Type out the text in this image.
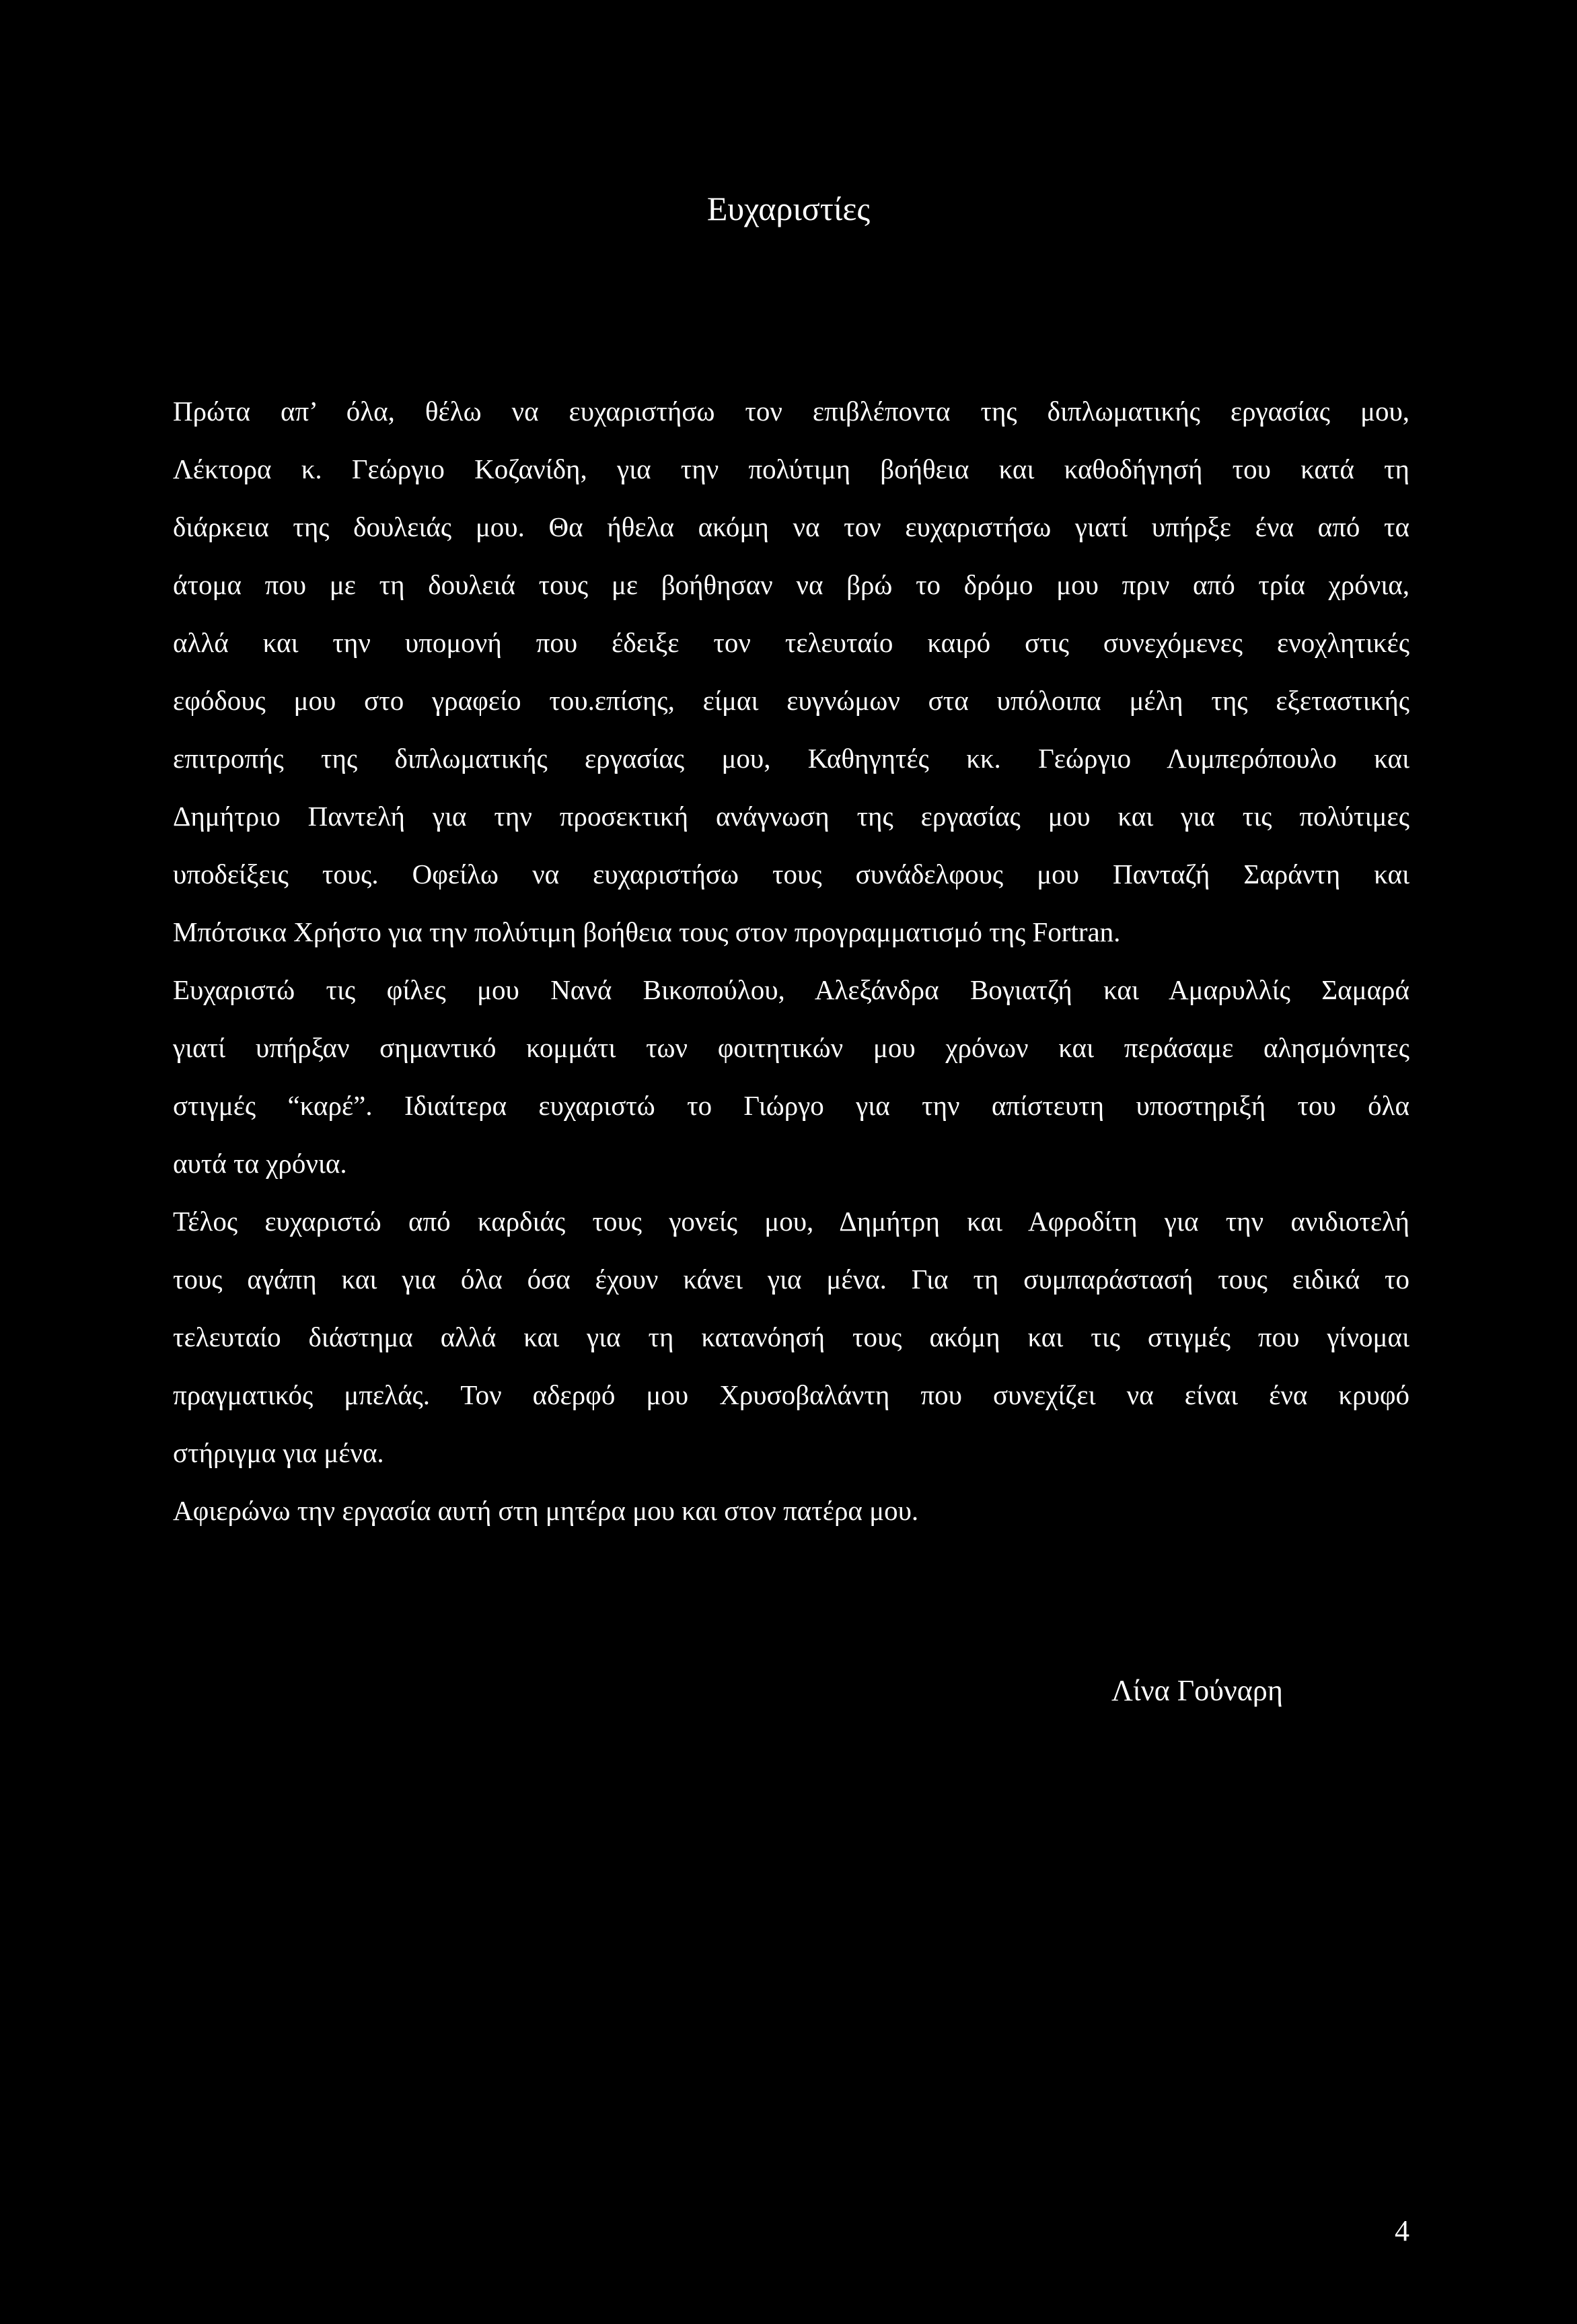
Ευχαριστίες
Πρώτα απ’ όλα, θέλω να ευχαριστήσω τον επιβλέποντα της διπλωματικής εργασίας μου,
Λέκτορα κ. Γεώργιο Κοζανίδη, για την πολύτιμη βοήθεια και καθοδήγησή του κατά τη
διάρκεια της δουλειάς μου. Θα ήθελα ακόμη να τον ευχαριστήσω γιατί υπήρξε ένα από τα
άτομα που με τη δουλειά τους με βοήθησαν να βρώ το δρόμο μου πριν από τρία χρόνια,
αλλά και την υπομονή που έδειξε τον τελευταίο καιρό στις συνεχόμενες ενοχλητικές
εφόδους μου στο γραφείο του.επίσης, είμαι ευγνώμων στα υπόλοιπα μέλη της εξεταστικής
επιτροπής της διπλωματικής εργασίας μου, Καθηγητές κκ. Γεώργιο Λυμπερόπουλο και
Δημήτριο Παντελή για την προσεκτική ανάγνωση της εργασίας μου και για τις πολύτιμες
υποδείξεις τους. Οφείλω να ευχαριστήσω τους συνάδελφους μου Πανταζή Σαράντη και
Μπότσικα Χρήστο για την πολύτιμη βοήθεια τους στον προγραμματισμό της Fortran.
Ευχαριστώ τις φίλες μου Νανά Βικοπούλου, Αλεξάνδρα Βογιατζή και Αμαρυλλίς Σαμαρά
γιατί υπήρξαν σημαντικό κομμάτι των φοιτητικών μου χρόνων και περάσαμε αλησμόνητες
στιγμές “καρέ”. Ιδιαίτερα ευχαριστώ το Γιώργο για την απίστευτη υποστηριξή του όλα
αυτά τα χρόνια.
Τέλος ευχαριστώ από καρδιάς τους γονείς μου, Δημήτρη και Αφροδίτη για την ανιδιοτελή
τους αγάπη και για όλα όσα έχουν κάνει για μένα. Για τη συμπαράστασή τους ειδικά το
τελευταίο διάστημα αλλά και για τη κατανόησή τους ακόμη και τις στιγμές που γίνομαι
πραγματικός μπελάς. Τον αδερφό μου Χρυσοβαλάντη που συνεχίζει να είναι ένα κρυφό
στήριγμα για μένα.
Αφιερώνω την εργασία αυτή στη μητέρα μου και στον πατέρα μου.
Λίνα Γούναρη
4
